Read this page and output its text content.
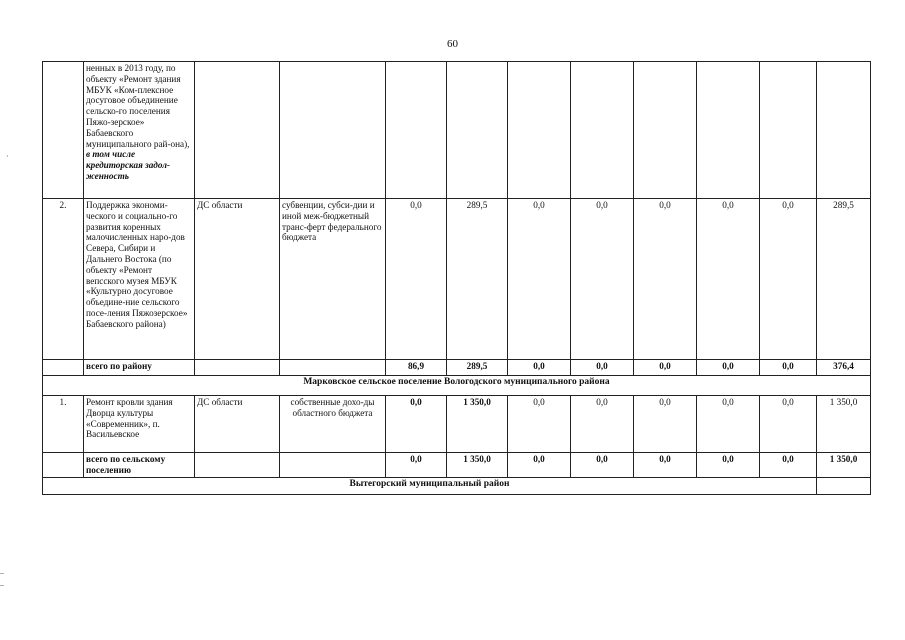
60
·
	ненных в 2013 году, по объекту «Ремонт здания МБУК «Ком-плексное досуговое объединение сельско-го поселения Пяжо-зерское» Бабаевского муниципального рай-она), в том числе кредиторская задол-женность										
2.	Поддержка экономи-ческого и социально-го развития коренных малочисленных наро-дов Севера, Сибири и Дальнего Востока (по объекту «Ремонт вепсского музея МБУК «Культурно досуговое объедине-ние сельского посе-ления Пяжозерское» Бабаевского района)	ДС области	субвенции, субси-дии и иной меж-бюджетный транс-ферт федерального бюджета	0,0	289,5	0,0	0,0	0,0	0,0	0,0	289,5
	всего по району			86,9	289,5	0,0	0,0	0,0	0,0	0,0	376,4
Марковское сельское поселение Вологодского муниципального района											
1.	Ремонт кровли здания Дворца культуры «Современник», п. Васильевское	ДС области	собственные дохо-ды областного бюджета	0,0	1 350,0	0,0	0,0	0,0	0,0	0,0	1 350,0
	всего по сельскому поселению			0,0	1 350,0	0,0	0,0	0,0	0,0	0,0	1 350,0
Вытегорский муниципальный район											
–
–
